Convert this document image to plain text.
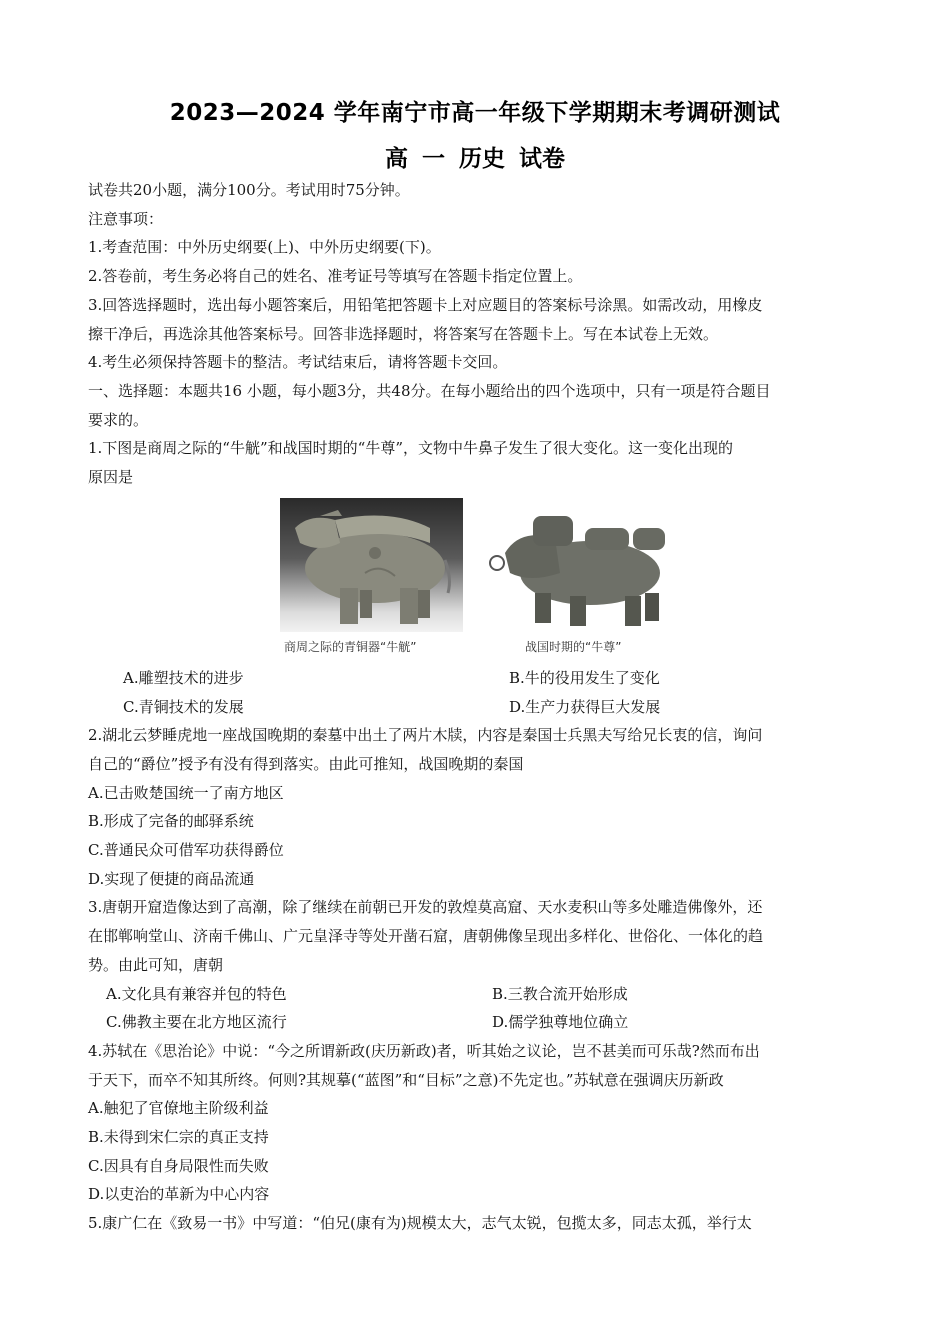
2023—2024 学年南宁市高一年级下学期期末考调研测试
高 一 历史 试卷
试卷共20小题，满分100分。考试用时75分钟。
注意事项：
1.考查范围：中外历史纲要(上)、中外历史纲要(下)。
2.答卷前，考生务必将自己的姓名、准考证号等填写在答题卡指定位置上。
3.回答选择题时，选出每小题答案后，用铅笔把答题卡上对应题目的答案标号涂黑。如需改动，用橡皮
擦干净后，再选涂其他答案标号。回答非选择题时，将答案写在答题卡上。写在本试卷上无效。
4.考生必须保持答题卡的整洁。考试结束后，请将答题卡交回。
一、选择题：本题共16 小题，每小题3分，共48分。在每小题给出的四个选项中，只有一项是符合题目
要求的。
1.下图是商周之际的“牛觥”和战国时期的“牛尊”，文物中牛鼻子发生了很大变化。这一变化出现的
原因是
商周之际的青铜器“牛觥”	战国时期的“牛尊”
A.雕塑技术的进步	B.牛的役用发生了变化
C.青铜技术的发展	D.生产力获得巨大发展
2.湖北云梦睡虎地一座战国晚期的秦墓中出土了两片木牍，内容是秦国士兵黑夫写给兄长衷的信，询问
自己的“爵位”授予有没有得到落实。由此可推知，战国晚期的秦国
A.已击败楚国统一了南方地区
B.形成了完备的邮驿系统
C.普通民众可借军功获得爵位
D.实现了便捷的商品流通
3.唐朝开窟造像达到了高潮，除了继续在前朝已开发的敦煌莫高窟、天水麦积山等多处雕造佛像外，还
在邯郸响堂山、济南千佛山、广元皇泽寺等处开凿石窟，唐朝佛像呈现出多样化、世俗化、一体化的趋
势。由此可知，唐朝
A.文化具有兼容并包的特色	B.三教合流开始形成
C.佛教主要在北方地区流行	D.儒学独尊地位确立
4.苏轼在《思治论》中说：“今之所谓新政(庆历新政)者，听其始之议论，岂不甚美而可乐哉?然而布出
于天下，而卒不知其所终。何则?其规摹(“蓝图”和“目标”之意)不先定也。”苏轼意在强调庆历新政
A.触犯了官僚地主阶级利益
B.未得到宋仁宗的真正支持
C.因具有自身局限性而失败
D.以吏治的革新为中心内容
5.康广仁在《致易一书》中写道：“伯兄(康有为)规模太大，志气太锐，包揽太多，同志太孤，举行太
